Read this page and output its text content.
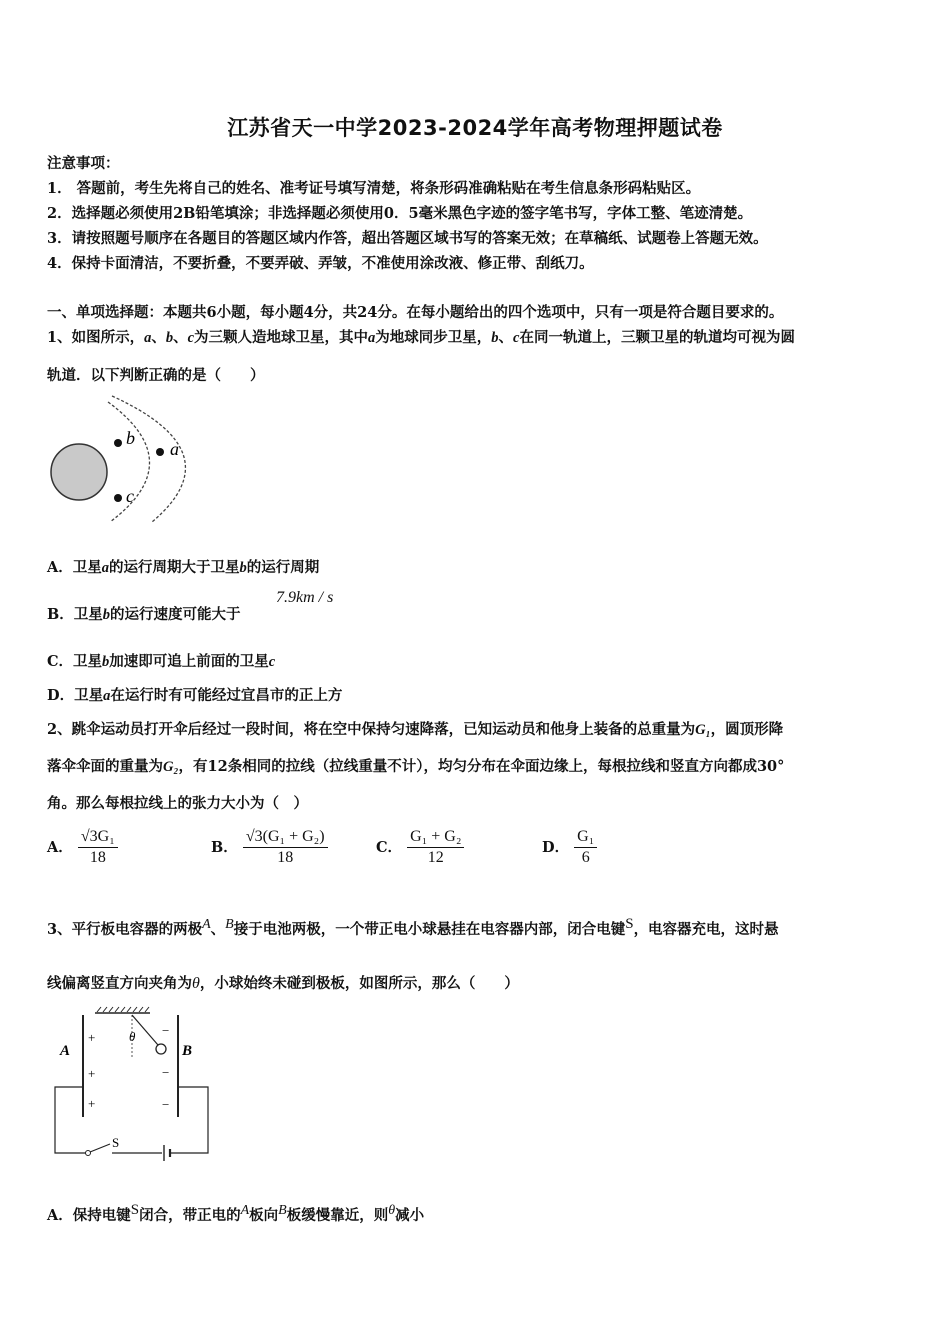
江苏省天一中学2023-2024学年高考物理押题试卷
注意事项：
1． 答题前，考生先将自己的姓名、准考证号填写清楚，将条形码准确粘贴在考生信息条形码粘贴区。
2．选择题必须使用2B铅笔填涂；非选择题必须使用0．5毫米黑色字迹的签字笔书写，字体工整、笔迹清楚。
3．请按照题号顺序在各题目的答题区域内作答，超出答题区域书写的答案无效；在草稿纸、试题卷上答题无效。
4．保持卡面清洁，不要折叠，不要弄破、弄皱，不准使用涂改液、修正带、刮纸刀。
一、单项选择题：本题共6小题，每小题4分，共24分。在每小题给出的四个选项中，只有一项是符合题目要求的。
1、如图所示，a、b、c为三颗人造地球卫星，其中a为地球同步卫星，b、c在同一轨道上，三颗卫星的轨道均可视为圆
轨道．以下判断正确的是（　　）
b
c
a
A．卫星a的运行周期大于卫星b的运行周期
B．卫星b的运行速度可能大于
7.9km / s
C．卫星b加速即可追上前面的卫星c
D．卫星a在运行时有可能经过宜昌市的正上方
2、跳伞运动员打开伞后经过一段时间，将在空中保持匀速降落，已知运动员和他身上装备的总重量为G₁，圆顶形降
落伞伞面的重量为G₂，有12条相同的拉线（拉线重量不计），均匀分布在伞面边缘上，每根拉线和竖直方向都成30°
角。那么每根拉线上的张力大小为（　）
A． $\frac{\text{√3G₁}}{18}$	B． $\frac{\text{√3(G₁ + G₂)}}{18}$	C． $\frac{\text{G₁ + G₂}}{12}$	D． $\frac{\text{G₁}}{6}$
3、平行板电容器的两极$^A$、$^B$接于电池两极，一个带正电小球悬挂在电容器内部，闭合电键$^S$，电容器充电，这时悬
线偏离竖直方向夹角为θ，小球始终未碰到极板，如图所示，那么（　　）
θ
A	B
+
+
+
−
−
−
S
A．保持电键$^S$闭合，带正电的$^A$板向$^B$板缓慢靠近，则$^\theta$减小
